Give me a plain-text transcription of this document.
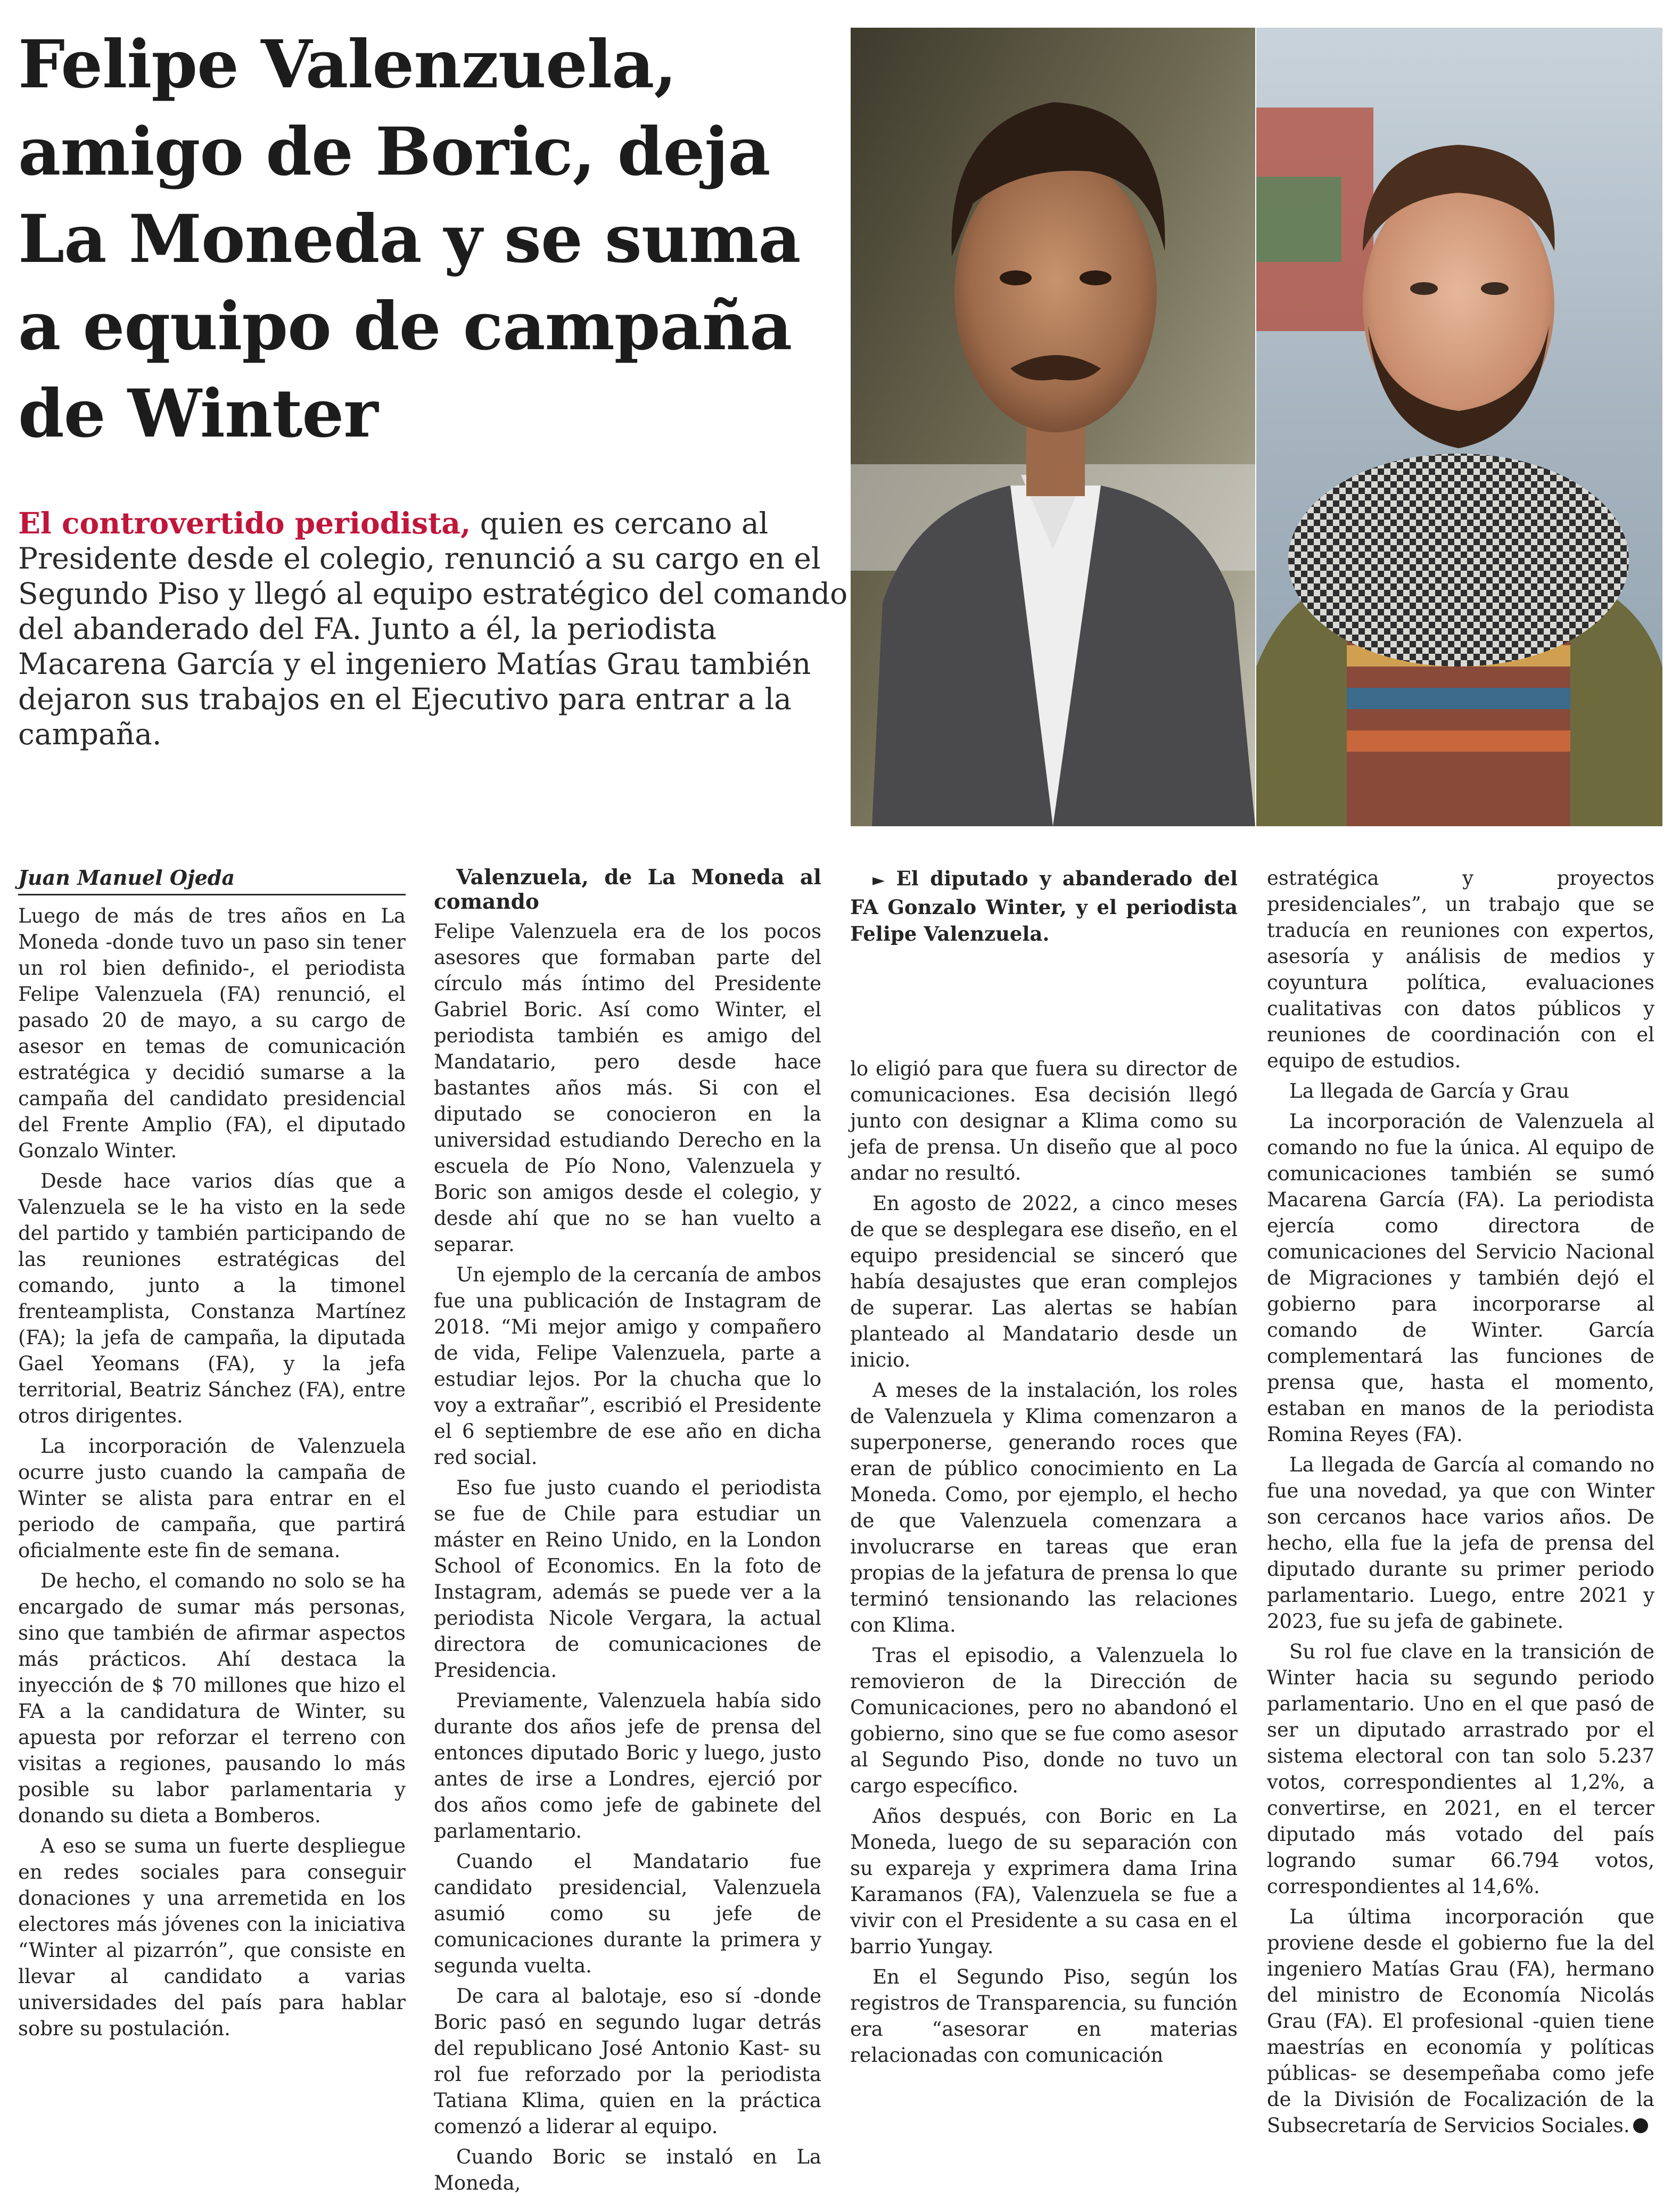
Felipe Valenzuela, amigo de Boric, deja La Moneda y se suma a equipo de campaña de Winter

El controvertido periodista, quien es cercano al Presidente desde el colegio, renunció a su cargo en el Segundo Piso y llegó al equipo estratégico del comando del abanderado del FA. Junto a él, la periodista Macarena García y el ingeniero Matías Grau también dejaron sus trabajos en el Ejecutivo para entrar a la campaña.

Juan Manuel Ojeda

Luego de más de tres años en La Moneda -donde tuvo un paso sin tener un rol bien definido-, el periodista Felipe Valenzuela (FA) renunció, el pasado 20 de mayo, a su cargo de asesor en temas de comunicación estratégica y decidió sumarse a la campaña del candidato presidencial del Frente Amplio (FA), el diputado Gonzalo Winter.

Desde hace varios días que a Valenzuela se le ha visto en la sede del partido y también participando de las reuniones estratégicas del comando, junto a la timonel frenteamplista, Constanza Martínez (FA); la jefa de campaña, la diputada Gael Yeomans (FA), y la jefa territorial, Beatriz Sánchez (FA), entre otros dirigentes.

La incorporación de Valenzuela ocurre justo cuando la campaña de Winter se alista para entrar en el periodo de campaña, que partirá oficialmente este fin de semana.

De hecho, el comando no solo se ha encargado de sumar más personas, sino que también de afirmar aspectos más prácticos. Ahí destaca la inyección de $ 70 millones que hizo el FA a la candidatura de Winter, su apuesta por reforzar el terreno con visitas a regiones, pausando lo más posible su labor parlamentaria y donando su dieta a Bomberos.

A eso se suma un fuerte despliegue en redes sociales para conseguir donaciones y una arremetida en los electores más jóvenes con la iniciativa “Winter al pizarrón”, que consiste en llevar al candidato a varias universidades del país para hablar sobre su postulación.

Valenzuela, de La Moneda al comando

Felipe Valenzuela era de los pocos asesores que formaban parte del círculo más íntimo del Presidente Gabriel Boric. Así como Winter, el periodista también es amigo del Mandatario, pero desde hace bastantes años más. Si con el diputado se conocieron en la universidad estudiando Derecho en la escuela de Pío Nono, Valenzuela y Boric son amigos desde el colegio, y desde ahí que no se han vuelto a separar.

Un ejemplo de la cercanía de ambos fue una publicación de Instagram de 2018. “Mi mejor amigo y compañero de vida, Felipe Valenzuela, parte a estudiar lejos. Por la chucha que lo voy a extrañar”, escribió el Presidente el 6 septiembre de ese año en dicha red social.

Eso fue justo cuando el periodista se fue de Chile para estudiar un máster en Reino Unido, en la London School of Economics. En la foto de Instagram, además se puede ver a la periodista Nicole Vergara, la actual directora de comunicaciones de Presidencia.

Previamente, Valenzuela había sido durante dos años jefe de prensa del entonces diputado Boric y luego, justo antes de irse a Londres, ejerció por dos años como jefe de gabinete del parlamentario.

Cuando el Mandatario fue candidato presidencial, Valenzuela asumió como su jefe de comunicaciones durante la primera y segunda vuelta.

De cara al balotaje, eso sí -donde Boric pasó en segundo lugar detrás del republicano José Antonio Kast- su rol fue reforzado por la periodista Tatiana Klima, quien en la práctica comenzó a liderar al equipo.

Cuando Boric se instaló en La Moneda,

► El diputado y abanderado del FA Gonzalo Winter, y el periodista Felipe Valenzuela.

lo eligió para que fuera su director de comunicaciones. Esa decisión llegó junto con designar a Klima como su jefa de prensa. Un diseño que al poco andar no resultó.

En agosto de 2022, a cinco meses de que se desplegara ese diseño, en el equipo presidencial se sinceró que había desajustes que eran complejos de superar. Las alertas se habían planteado al Mandatario desde un inicio.

A meses de la instalación, los roles de Valenzuela y Klima comenzaron a superponerse, generando roces que eran de público conocimiento en La Moneda. Como, por ejemplo, el hecho de que Valenzuela comenzara a involucrarse en tareas que eran propias de la jefatura de prensa lo que terminó tensionando las relaciones con Klima.

Tras el episodio, a Valenzuela lo removieron de la Dirección de Comunicaciones, pero no abandonó el gobierno, sino que se fue como asesor al Segundo Piso, donde no tuvo un cargo específico.

Años después, con Boric en La Moneda, luego de su separación con su expareja y exprimera dama Irina Karamanos (FA), Valenzuela se fue a vivir con el Presidente a su casa en el barrio Yungay.

En el Segundo Piso, según los registros de Transparencia, su función era “asesorar en materias relacionadas con comunicación

estratégica y proyectos presidenciales”, un trabajo que se traducía en reuniones con expertos, asesoría y análisis de medios y coyuntura política, evaluaciones cualitativas con datos públicos y reuniones de coordinación con el equipo de estudios.

La llegada de García y Grau

La incorporación de Valenzuela al comando no fue la única. Al equipo de comunicaciones también se sumó Macarena García (FA). La periodista ejercía como directora de comunicaciones del Servicio Nacional de Migraciones y también dejó el gobierno para incorporarse al comando de Winter. García complementará las funciones de prensa que, hasta el momento, estaban en manos de la periodista Romina Reyes (FA).

La llegada de García al comando no fue una novedad, ya que con Winter son cercanos hace varios años. De hecho, ella fue la jefa de prensa del diputado durante su primer periodo parlamentario. Luego, entre 2021 y 2023, fue su jefa de gabinete.

Su rol fue clave en la transición de Winter hacia su segundo periodo parlamentario. Uno en el que pasó de ser un diputado arrastrado por el sistema electoral con tan solo 5.237 votos, correspondientes al 1,2%, a convertirse, en 2021, en el tercer diputado más votado del país logrando sumar 66.794 votos, correspondientes al 14,6%.

La última incorporación que proviene desde el gobierno fue la del ingeniero Matías Grau (FA), hermano del ministro de Economía Nicolás Grau (FA). El profesional -quien tiene maestrías en economía y políticas públicas- se desempeñaba como jefe de la División de Focalización de la Subsecretaría de Servicios Sociales.
